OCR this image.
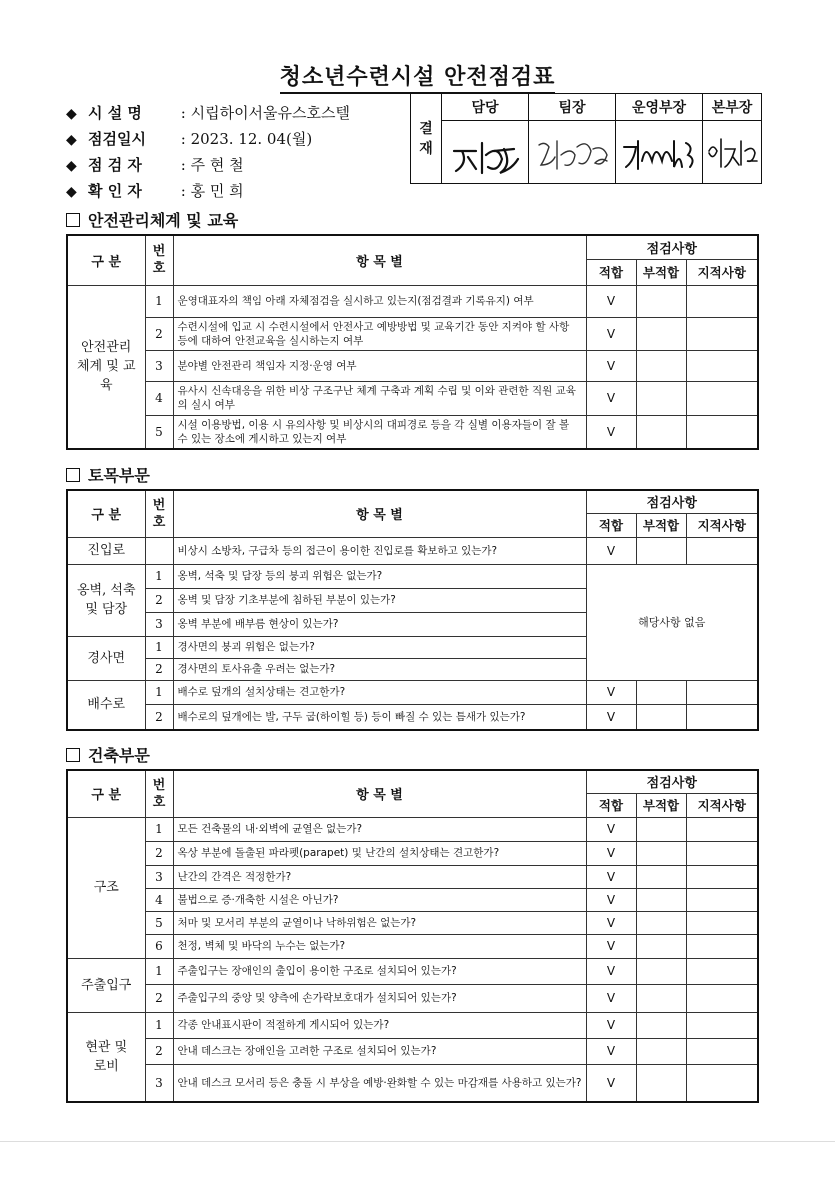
청소년수련시설 안전점검표
◆ 시 설 명 : 시립하이서울유스호스텔
◆ 점검일시 : 2023. 12. 04(월)
◆ 점 검 자 : 주 현 철
◆ 확 인 자 : 홍 민 희
결재	담당	팀장	운영부장	본부장

주현철	탁서영	김태성	이정연
안전관리체계 및 교육
구 분	번 호	항 목 별	점검사항		
			적합	부적합	지적사항
안전관리 체계 및 교육	1	운영대표자의 책임 아래 자체점검을 실시하고 있는지(점검결과 기록유지) 여부	V		
	2	수련시설에 입교 시 수련시설에서 안전사고 예방방법 및 교육기간 동안 지켜야 할 사항 등에 대하여 안전교육을 실시하는지 여부	V		
	3	분야별 안전관리 책임자 지정·운영 여부	V		
	4	유사시 신속대응을 위한 비상 구조구난 체계 구축과 계획 수립 및 이와 관련한 직원 교육의 실시 여부	V		
	5	시설 이용방법, 이용 시 유의사항 및 비상시의 대피경로 등을 각 실별 이용자들이 잘 볼 수 있는 장소에 게시하고 있는지 여부	V		
토목부문
구 분	번 호	항 목 별	점검사항		
			적합	부적합	지적사항
진입로		비상시 소방차, 구급차 등의 접근이 용이한 진입로를 확보하고 있는가?	V		
옹벽, 석축 및 담장	1	옹벽, 석축 및 담장 등의 붕괴 위험은 없는가?	해당사항 없음		
	2	옹벽 및 담장 기초부분에 침하된 부분이 있는가?			
	3	옹벽 부분에 배부름 현상이 있는가?			
경사면	1	경사면의 붕괴 위험은 없는가?			
	2	경사면의 토사유출 우려는 없는가?			
배수로	1	배수로 덮개의 설치상태는 견고한가?	V		
	2	배수로의 덮개에는 발, 구두 굽(하이힐 등) 등이 빠질 수 있는 틈새가 있는가?	V		
건축부문
구 분	번 호	항 목 별	점검사항		
			적합	부적합	지적사항
구조	1	모든 건축물의 내·외벽에 균열은 없는가?	V		
	2	옥상 부분에 돌출된 파라펫(parapet) 및 난간의 설치상태는 견고한가?	V		
	3	난간의 간격은 적정한가?	V		
	4	불법으로 증·개축한 시설은 아닌가?	V		
	5	처마 및 모서리 부분의 균열이나 낙하위험은 없는가?	V		
	6	천정, 벽체 및 바닥의 누수는 없는가?	V		
주출입구	1	주출입구는 장애인의 출입이 용이한 구조로 설치되어 있는가?	V		
	2	주출입구의 중앙 및 양측에 손가락보호대가 설치되어 있는가?	V		
현관 및 로비	1	각종 안내표시판이 적절하게 게시되어 있는가?	V		
	2	안내 데스크는 장애인을 고려한 구조로 설치되어 있는가?	V		
	3	안내 데스크 모서리 등은 충돌 시 부상을 예방·완화할 수 있는 마감재를 사용하고 있는가?	V		
